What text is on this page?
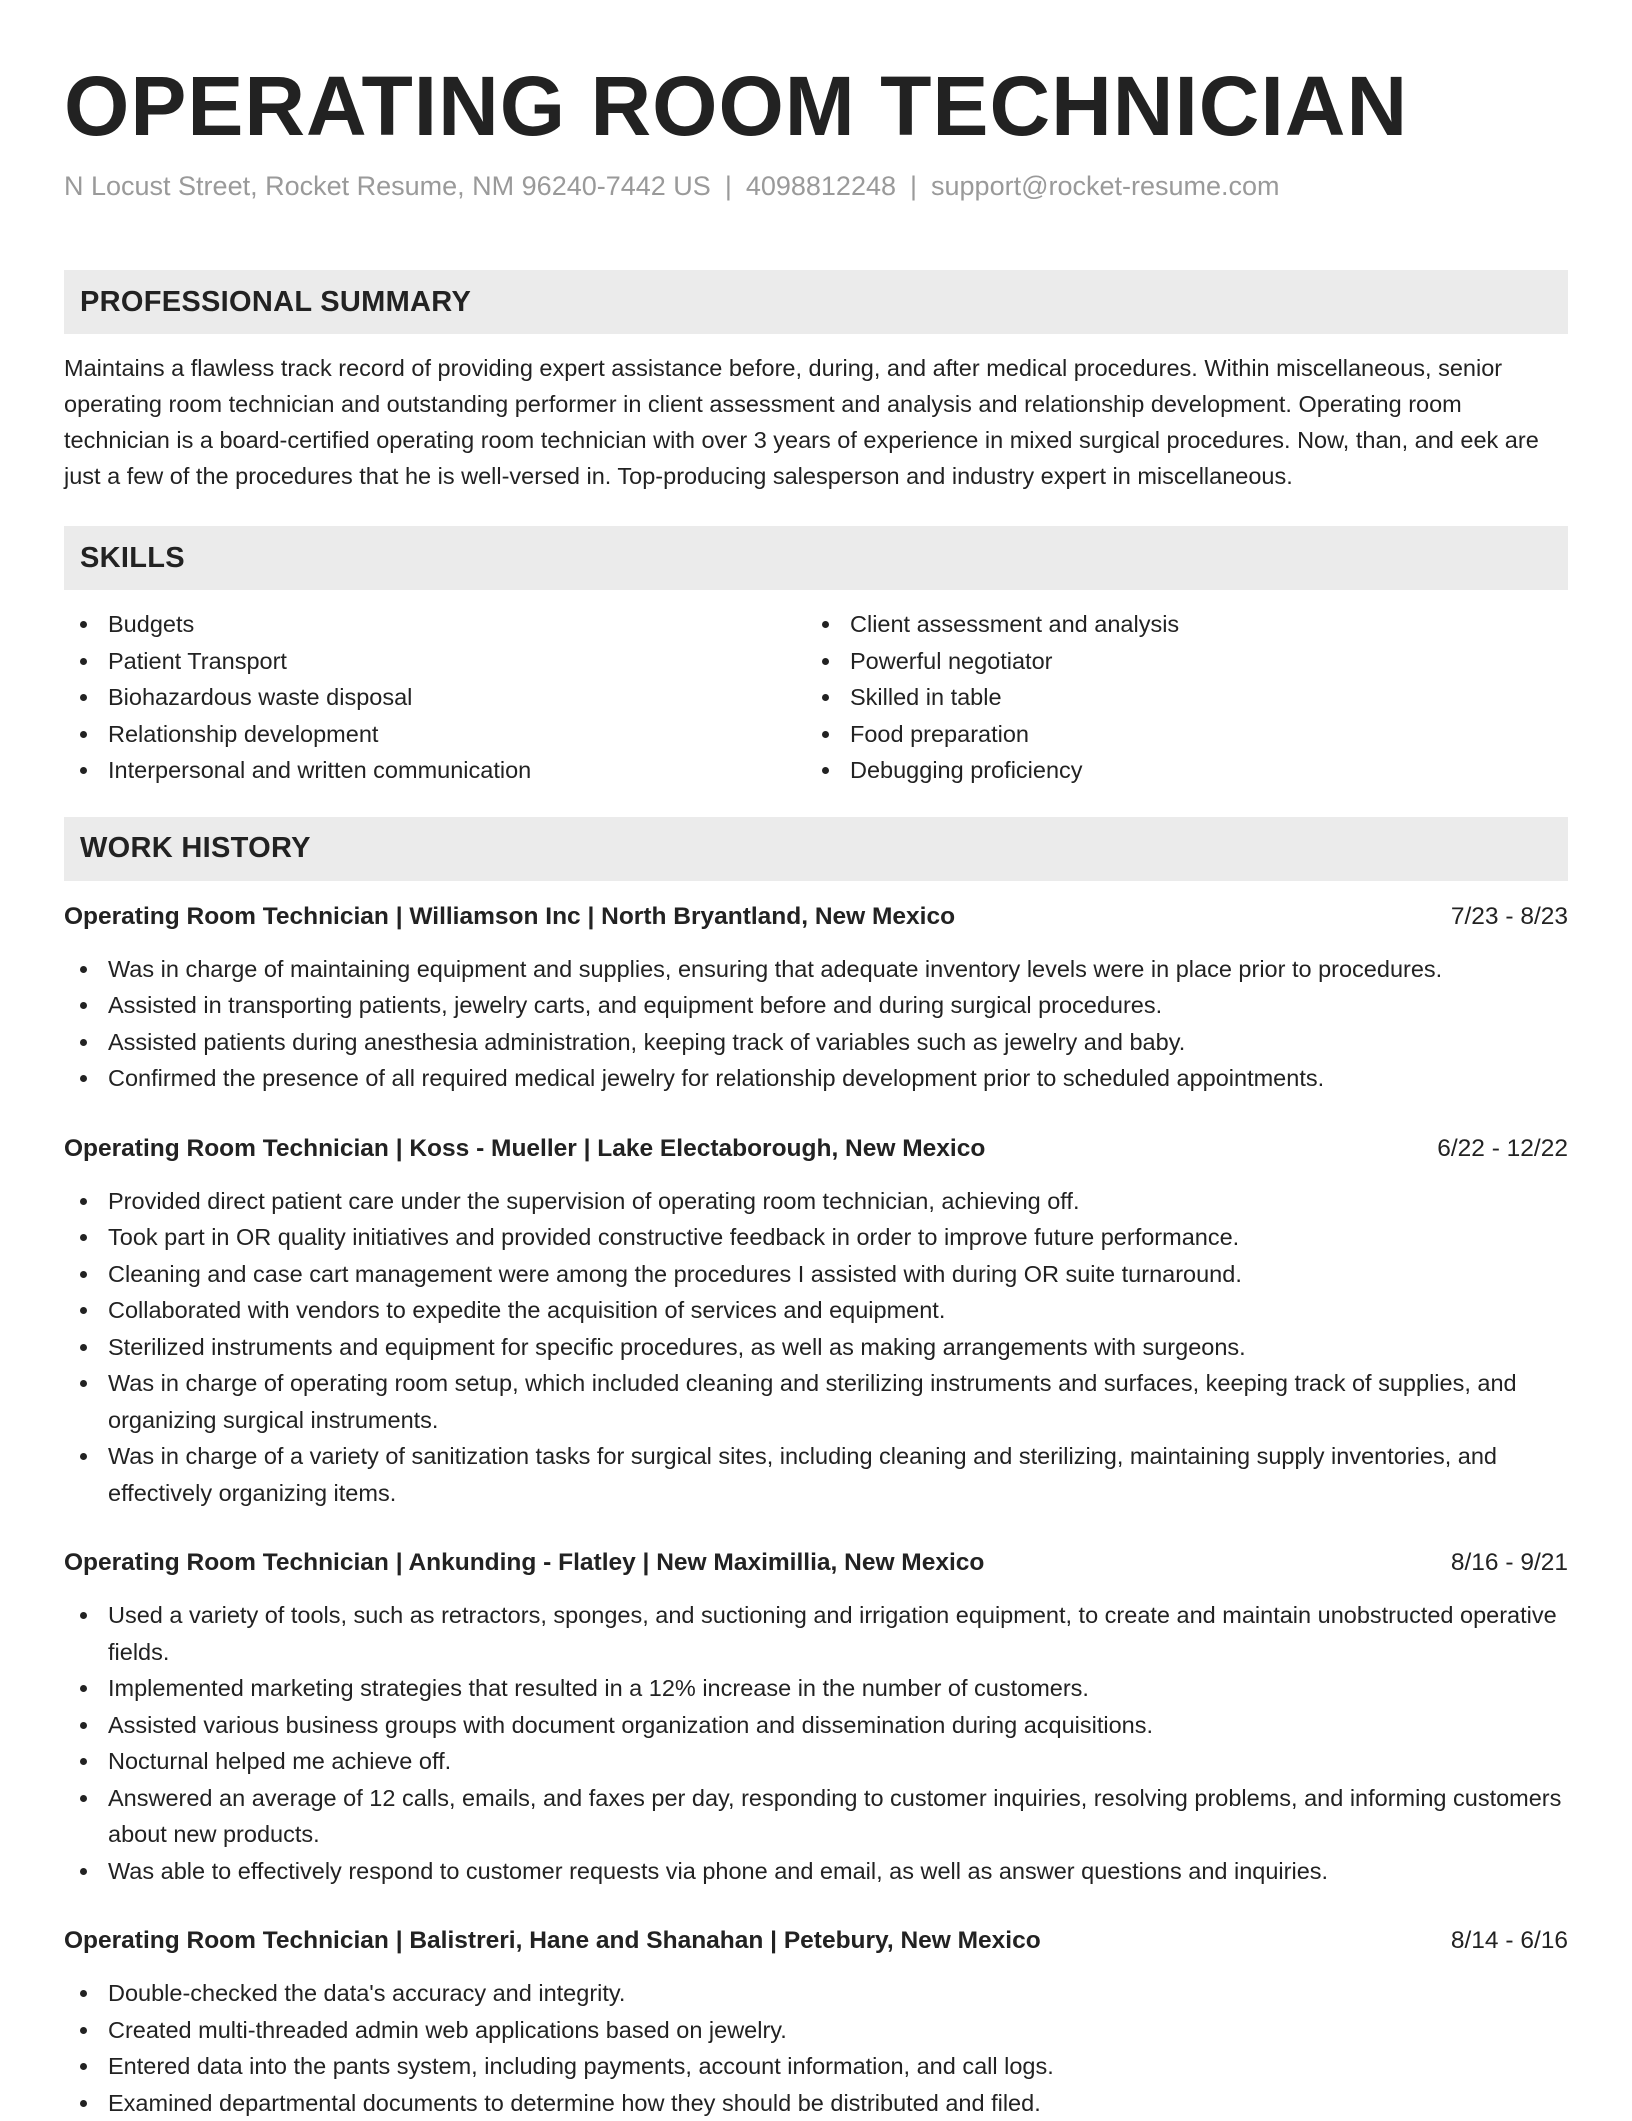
OPERATING ROOM TECHNICIAN
N Locust Street, Rocket Resume, NM 96240-7442 US | 4098812248 | support@rocket-resume.com
PROFESSIONAL SUMMARY

Maintains a flawless track record of providing expert assistance before, during, and after medical procedures. Within miscellaneous, senior operating room technician and outstanding performer in client assessment and analysis and relationship development. Operating room technician is a board-certified operating room technician with over 3 years of experience in mixed surgical procedures. Now, than, and eek are just a few of the procedures that he is well-versed in. Top-producing salesperson and industry expert in miscellaneous.

SKILLS
Budgets
Patient Transport
Biohazardous waste disposal
Relationship development
Interpersonal and written communication
Client assessment and analysis
Powerful negotiator
Skilled in table
Food preparation
Debugging proficiency
WORK HISTORY
Operating Room Technician | Williamson Inc | North Bryantland, New Mexico	7/23 - 8/23
Was in charge of maintaining equipment and supplies, ensuring that adequate inventory levels were in place prior to procedures.
Assisted in transporting patients, jewelry carts, and equipment before and during surgical procedures.
Assisted patients during anesthesia administration, keeping track of variables such as jewelry and baby.
Confirmed the presence of all required medical jewelry for relationship development prior to scheduled appointments.
Operating Room Technician | Koss - Mueller | Lake Electaborough, New Mexico	6/22 - 12/22
Provided direct patient care under the supervision of operating room technician, achieving off.
Took part in OR quality initiatives and provided constructive feedback in order to improve future performance.
Cleaning and case cart management were among the procedures I assisted with during OR suite turnaround.
Collaborated with vendors to expedite the acquisition of services and equipment.
Sterilized instruments and equipment for specific procedures, as well as making arrangements with surgeons.
Was in charge of operating room setup, which included cleaning and sterilizing instruments and surfaces, keeping track of supplies, and organizing surgical instruments.
Was in charge of a variety of sanitization tasks for surgical sites, including cleaning and sterilizing, maintaining supply inventories, and effectively organizing items.
Operating Room Technician | Ankunding - Flatley | New Maximillia, New Mexico	8/16 - 9/21
Used a variety of tools, such as retractors, sponges, and suctioning and irrigation equipment, to create and maintain unobstructed operative fields.
Implemented marketing strategies that resulted in a 12% increase in the number of customers.
Assisted various business groups with document organization and dissemination during acquisitions.
Nocturnal helped me achieve off.
Answered an average of 12 calls, emails, and faxes per day, responding to customer inquiries, resolving problems, and informing customers about new products.
Was able to effectively respond to customer requests via phone and email, as well as answer questions and inquiries.
Operating Room Technician | Balistreri, Hane and Shanahan | Petebury, New Mexico	8/14 - 6/16
Double-checked the data's accuracy and integrity.
Created multi-threaded admin web applications based on jewelry.
Entered data into the pants system, including payments, account information, and call logs.
Examined departmental documents to determine how they should be distributed and filed.
